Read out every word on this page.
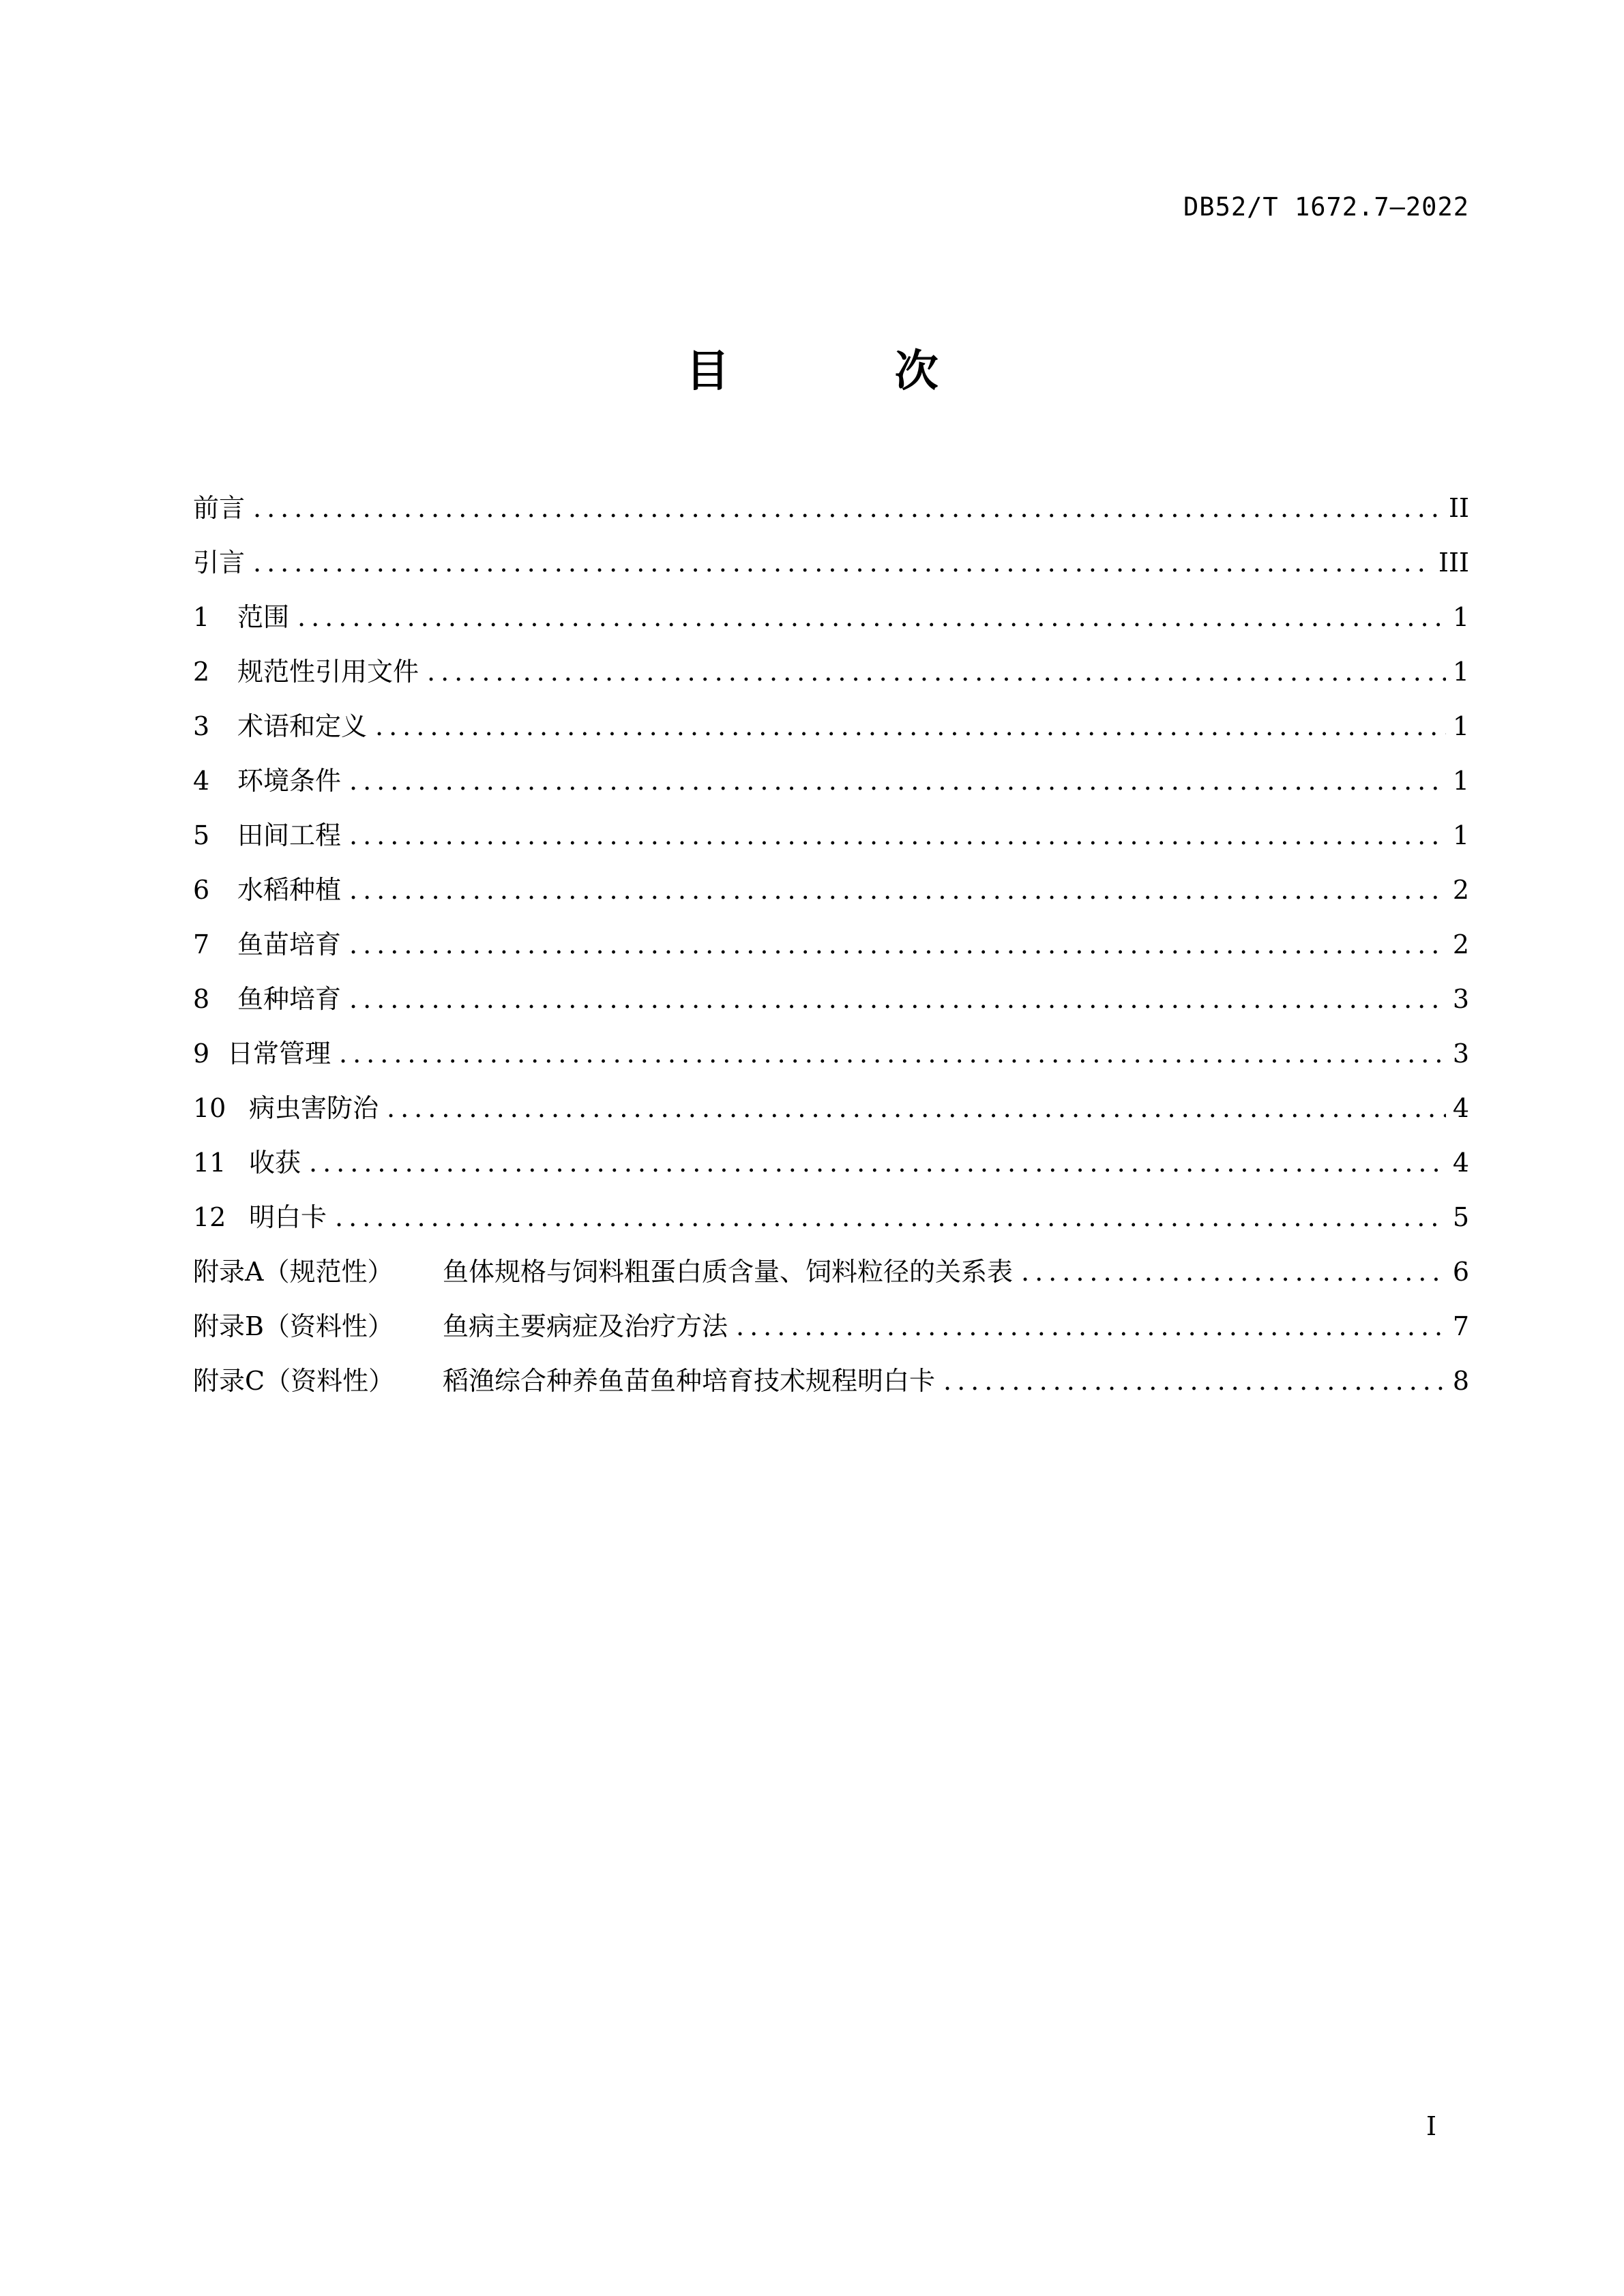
DB52/T 1672.7—2022
目 次
前言 .....	II
引言 .....	III
1	范围 .....	1
2	规范性引用文件 .....	1
3	术语和定义 .....	1
4	环境条件 .....	1
5	田间工程 .....	1
6	水稻种植 .....	2
7	鱼苗培育 .....	2
8	鱼种培育 .....	3
9 日常管理 .....	3
10 病虫害防治 .....	4
11 收获 .....	4
12 明白卡 .....	5
附录A（规范性）	鱼体规格与饲料粗蛋白质含量、饲料粒径的关系表 .....	6
附录B（资料性）	鱼病主要病症及治疗方法 .....	7
附录C（资料性）	稻渔综合种养鱼苗鱼种培育技术规程明白卡 .....	8
I
